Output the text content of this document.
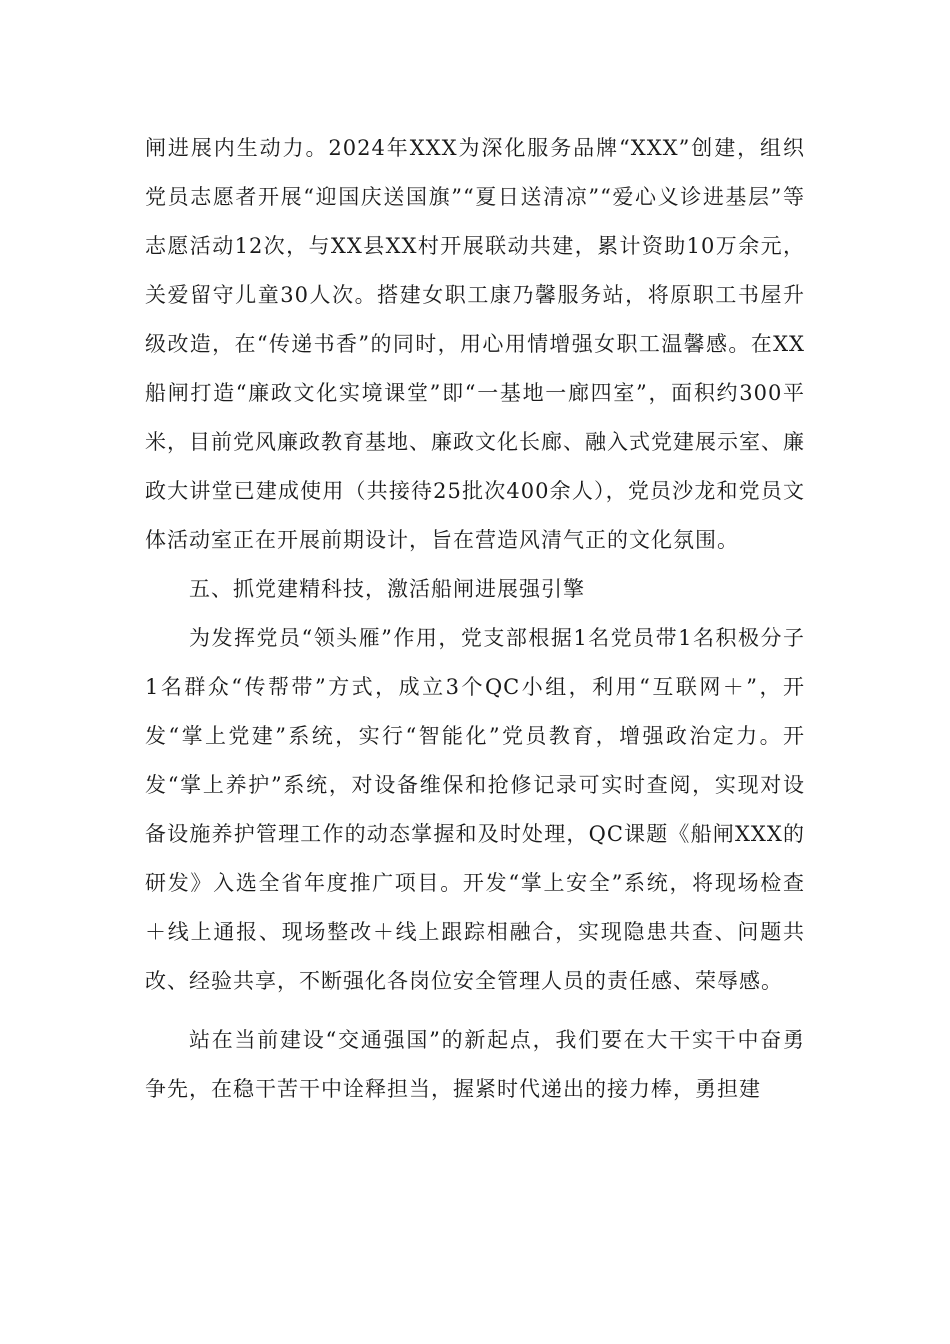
闸进展内生动力。2024年XXX为深化服务品牌“XXX”创建，组织党员志愿者开展“迎国庆送国旗”“夏日送清凉”“爱心义诊进基层”等志愿活动12次，与XX县XX村开展联动共建，累计资助10万余元，关爱留守儿童30人次。搭建女职工康乃馨服务站，将原职工书屋升级改造，在“传递书香”的同时，用心用情增强女职工温馨感。在XX船闸打造“廉政文化实境课堂”即“一基地一廊四室”，面积约300平米，目前党风廉政教育基地、廉政文化长廊、融入式党建展示室、廉政大讲堂已建成使用（共接待25批次400余人），党员沙龙和党员文体活动室正在开展前期设计，旨在营造风清气正的文化氛围。

五、抓党建精科技，激活船闸进展强引擎

为发挥党员“领头雁”作用，党支部根据1名党员带1名积极分子1名群众“传帮带”方式，成立3个QC小组，利用“互联网＋”，开发“掌上党建”系统，实行“智能化”党员教育，增强政治定力。开发“掌上养护”系统，对设备维保和抢修记录可实时查阅，实现对设备设施养护管理工作的动态掌握和及时处理，QC课题《船闸XXX的研发》入选全省年度推广项目。开发“掌上安全”系统，将现场检查＋线上通报、现场整改＋线上跟踪相融合，实现隐患共查、问题共改、经验共享，不断强化各岗位安全管理人员的责任感、荣辱感。

站在当前建设“交通强国”的新起点，我们要在大干实干中奋勇争先，在稳干苦干中诠释担当，握紧时代递出的接力棒，勇担建
